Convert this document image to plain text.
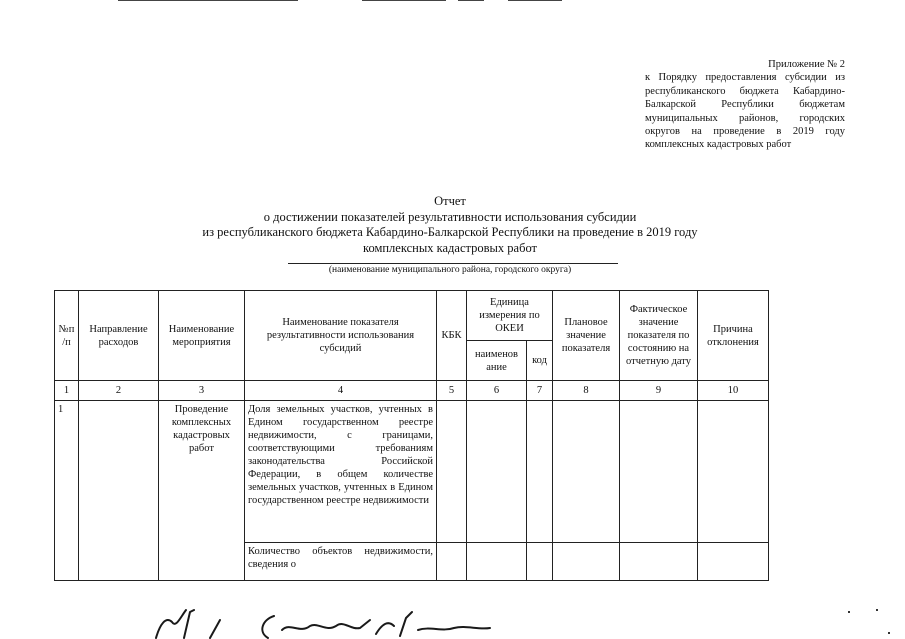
Приложение № 2
к Порядку предоставления субсидии из республиканского бюджета Кабардино-Балкарской Республики бюджетам муниципальных районов, городских округов на проведение в 2019 году комплексных кадастровых работ
Отчет
о достижении показателей результативности использования субсидии
из республиканского бюджета Кабардино-Балкарской Республики на проведение в 2019 году
комплексных кадастровых работ
(наименование муниципального района, городского округа)
№п /п	Направление расходов	Наименование мероприятия	Наименование показателя результативности использования субсидий	КБК	Единица измерения по ОКЕИ		Плановое значение показателя	Фактическое значение показателя по состоянию на отчетную дату	Причина отклонения
					наименов ание	код			
1	2	3	4	5	6	7	8	9	10
1		Проведение комплексных кадастровых работ	Доля земельных участков, учтенных в Едином государственном реестре недвижимости, с границами, соответствующими требованиям законодательства Российской Федерации, в общем количестве земельных участков, учтенных в Едином государственном реестре недвижимости						
			Количество объектов недвижимости, сведения о						
